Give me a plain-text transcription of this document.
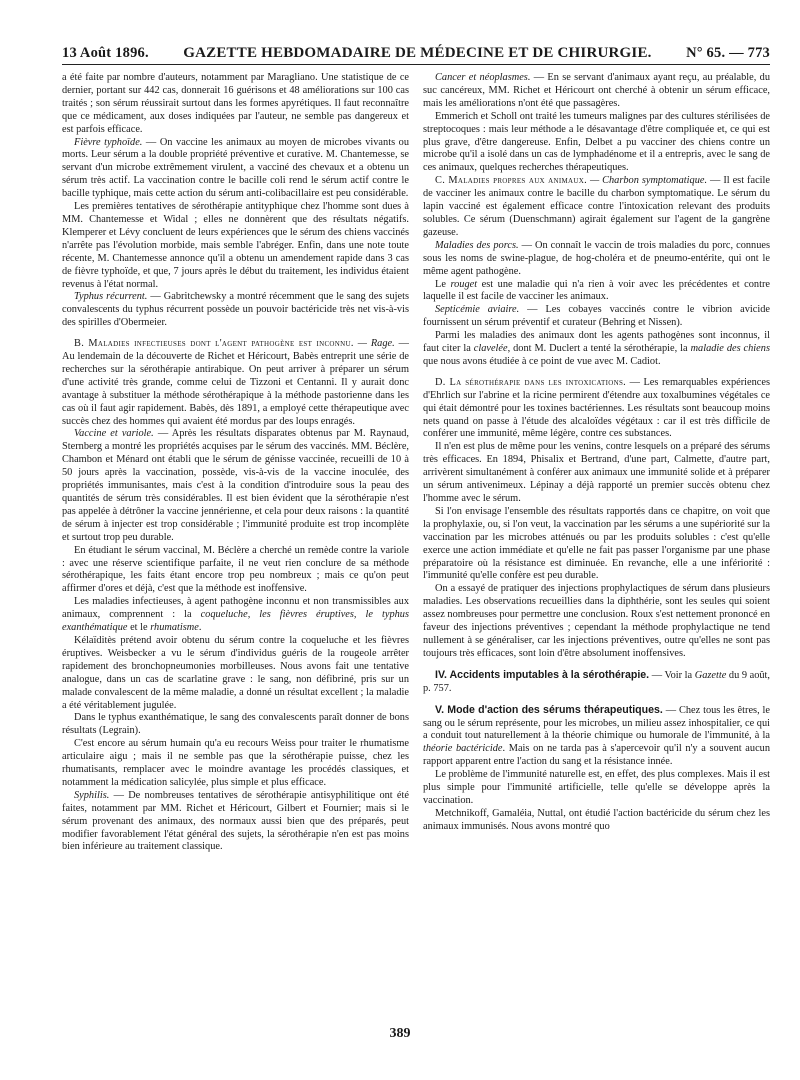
13 Août 1896. GAZETTE HEBDOMADAIRE DE MÉDECINE ET DE CHIRURGIE. N° 65. — 773

a été faite par nombre d'auteurs, notamment par Maragliano. Une statistique de ce dernier, portant sur 442 cas, donnerait 16 guérisons et 48 améliorations sur 100 cas traités ; son sérum réussirait surtout dans les formes apyrétiques. Il faut reconnaître que ce médicament, aux doses indiquées par l'auteur, ne semble pas dangereux et est parfois efficace.

Fièvre typhoïde. — On vaccine les animaux au moyen de microbes vivants ou morts. Leur sérum a la double propriété préventive et curative. M. Chantemesse, se servant d'un microbe extrêmement virulent, a vacciné des chevaux et a obtenu un sérum très actif. La vaccination contre le bacille coli rend le sérum actif contre le bacille typhique, mais cette action du sérum anti-colibacillaire est peu considérable.

Les premières tentatives de sérothérapie antityphique chez l'homme sont dues à MM. Chantemesse et Widal ; elles ne donnèrent que des résultats négatifs. Klemperer et Lévy concluent de leurs expériences que le sérum des chiens vaccinés n'arrête pas l'évolution morbide, mais semble l'abréger. Enfin, dans une note toute récente, M. Chantemesse annonce qu'il a obtenu un amendement rapide dans 3 cas de fièvre typhoïde, et que, 7 jours après le début du traitement, les individus étaient revenus à l'état normal.

Typhus récurrent. — Gabritchewsky a montré récemment que le sang des sujets convalescents du typhus récurrent possède un pouvoir bactéricide très net vis-à-vis des spirilles d'Obermeier.

B. Maladies infectieuses dont l'agent pathogène est inconnu. — Rage. — Au lendemain de la découverte de Richet et Héricourt, Babès entreprit une série de recherches sur la sérothérapie antirabique. On peut arriver à préparer un sérum d'une activité très grande, comme celui de Tizzoni et Centanni. Il y aurait donc avantage à substituer la méthode sérothérapique à la méthode pastorienne dans les cas où il faut agir rapidement. Babès, dès 1891, a employé cette thérapeutique avec succès chez des hommes qui avaient été mordus par des loups enragés.

Vaccine et variole. — Après les résultats disparates obtenus par M. Raynaud, Sternberg a montré les propriétés acquises par le sérum des vaccinés. MM. Béclère, Chambon et Ménard ont établi que le sérum de génisse vaccinée, recueilli de 10 à 50 jours après la vaccination, possède, vis-à-vis de la vaccine inoculée, des propriétés immunisantes, mais c'est à la condition d'introduire sous la peau des quantités de sérum très considérables. Il est bien évident que la sérothérapie n'est pas appelée à détrôner la vaccine jennérienne, et cela pour deux raisons : la quantité de sérum à injecter est trop considérable ; l'immunité produite est trop incomplète et surtout trop peu durable.

En étudiant le sérum vaccinal, M. Béclère a cherché un remède contre la variole : avec une réserve scientifique parfaite, il ne veut rien conclure de sa méthode sérothérapique, les faits étant encore trop peu nombreux ; mais ce qu'on peut affirmer d'ores et déjà, c'est que la méthode est inoffensive.

Les maladies infectieuses, à agent pathogène inconnu et non transmissibles aux animaux, comprennent : la coqueluche, les fièvres éruptives, le typhus exanthématique et le rhumatisme.

Kélaïditès prétend avoir obtenu du sérum contre la coqueluche et les fièvres éruptives. Weisbecker a vu le sérum d'individus guéris de la rougeole arrêter rapidement des bronchopneumonies morbilleuses. Nous avons fait une tentative analogue, dans un cas de scarlatine grave : le sang, non défibriné, pris sur un malade convalescent de la même maladie, a donné un résultat excellent ; la maladie a été véritablement jugulée.

Dans le typhus exanthématique, le sang des convalescents paraît donner de bons résultats (Legrain).

C'est encore au sérum humain qu'a eu recours Weiss pour traiter le rhumatisme articulaire aigu ; mais il ne semble pas que la sérothérapie puisse, chez les rhumatisants, remplacer avec le moindre avantage les procédés classiques, et notamment la médication salicylée, plus simple et plus efficace.

Syphilis. — De nombreuses tentatives de sérothérapie antisyphilitique ont été faites, notamment par MM. Richet et Héricourt, Gilbert et Fournier; mais si le sérum provenant des animaux, des normaux aussi bien que des préparés, peut modifier favorablement l'état général des sujets, la sérothérapie n'en est pas moins bien inférieure au traitement classique.

Cancer et néoplasmes. — En se servant d'animaux ayant reçu, au préalable, du suc cancéreux, MM. Richet et Héricourt ont cherché à obtenir un sérum efficace, mais les améliorations n'ont été que passagères.

Emmerich et Scholl ont traité les tumeurs malignes par des cultures stérilisées de streptocoques : mais leur méthode a le désavantage d'être compliquée et, ce qui est plus grave, d'être dangereuse. Enfin, Delbet a pu vacciner des chiens contre un microbe qu'il a isolé dans un cas de lymphadénome et il a entrepris, avec le sang de ces animaux, quelques recherches thérapeutiques.

C. Maladies propres aux animaux. — Charbon symptomatique. — Il est facile de vacciner les animaux contre le bacille du charbon symptomatique. Le sérum du lapin vacciné est également efficace contre l'intoxication relevant des produits solubles. Ce sérum (Duenschmann) agirait également sur l'agent de la gangrène gazeuse.

Maladies des porcs. — On connaît le vaccin de trois maladies du porc, connues sous les noms de swine-plague, de hog-choléra et de pneumo-entérite, qui ont le même agent pathogène.

Le rouget est une maladie qui n'a rien à voir avec les précédentes et contre laquelle il est facile de vacciner les animaux.

Septicémie aviaire. — Les cobayes vaccinés contre le vibrion avicide fournissent un sérum préventif et curateur (Behring et Nissen).

Parmi les maladies des animaux dont les agents pathogènes sont inconnus, il faut citer la clavelée, dont M. Duclert a tenté la sérothérapie, la maladie des chiens que nous avons étudiée à ce point de vue avec M. Cadiot.

D. La sérothérapie dans les intoxications. — Les remarquables expériences d'Ehrlich sur l'abrine et la ricine permirent d'étendre aux toxalbumines végétales ce qui était démontré pour les toxines bactériennes. Les résultats sont beaucoup moins nets quand on passe à l'étude des alcaloïdes végétaux : car il est très difficile de conférer une immunité, même légère, contre ces substances.

Il n'en est plus de même pour les venins, contre lesquels on a préparé des sérums très efficaces. En 1894, Phisalix et Bertrand, d'une part, Calmette, d'autre part, arrivèrent simultanément à conférer aux animaux une immunité solide et à préparer un sérum antivenimeux. Lépinay a déjà rapporté un premier succès obtenu chez l'homme avec le sérum.

Si l'on envisage l'ensemble des résultats rapportés dans ce chapitre, on voit que la prophylaxie, ou, si l'on veut, la vaccination par les sérums a une supériorité sur la vaccination par les microbes atténués ou par les produits solubles : c'est qu'elle exerce une action immédiate et qu'elle ne fait pas passer l'organisme par une phase préparatoire où la résistance est diminuée. En revanche, elle a une infériorité : l'immunité qu'elle confère est peu durable.

On a essayé de pratiquer des injections prophylactiques de sérum dans plusieurs maladies. Les observations recueillies dans la diphthérie, sont les seules qui soient assez nombreuses pour permettre une conclusion. Roux s'est nettement prononcé en faveur des injections préventives ; cependant la méthode prophylactique ne tend nullement à se généraliser, car les injections préventives, outre qu'elles ne sont pas toujours très efficaces, sont loin d'être absolument inoffensives.

IV. Accidents imputables à la sérothérapie. — Voir la Gazette du 9 août, p. 757.

V. Mode d'action des sérums thérapeutiques. — Chez tous les êtres, le sang ou le sérum représente, pour les microbes, un milieu assez inhospitalier, ce qui a conduit tout naturellement à la théorie chimique ou humorale de l'immunité, à la théorie bactéricide. Mais on ne tarda pas à s'apercevoir qu'il n'y a souvent aucun rapport apparent entre l'action du sang et la résistance innée.

Le problème de l'immunité naturelle est, en effet, des plus complexes. Mais il est plus simple pour l'immunité artificielle, telle qu'elle se développe après la vaccination.

Metchnikoff, Gamaléia, Nuttal, ont étudié l'action bactéricide du sérum chez les animaux immunisés. Nous avons montré quo

389
